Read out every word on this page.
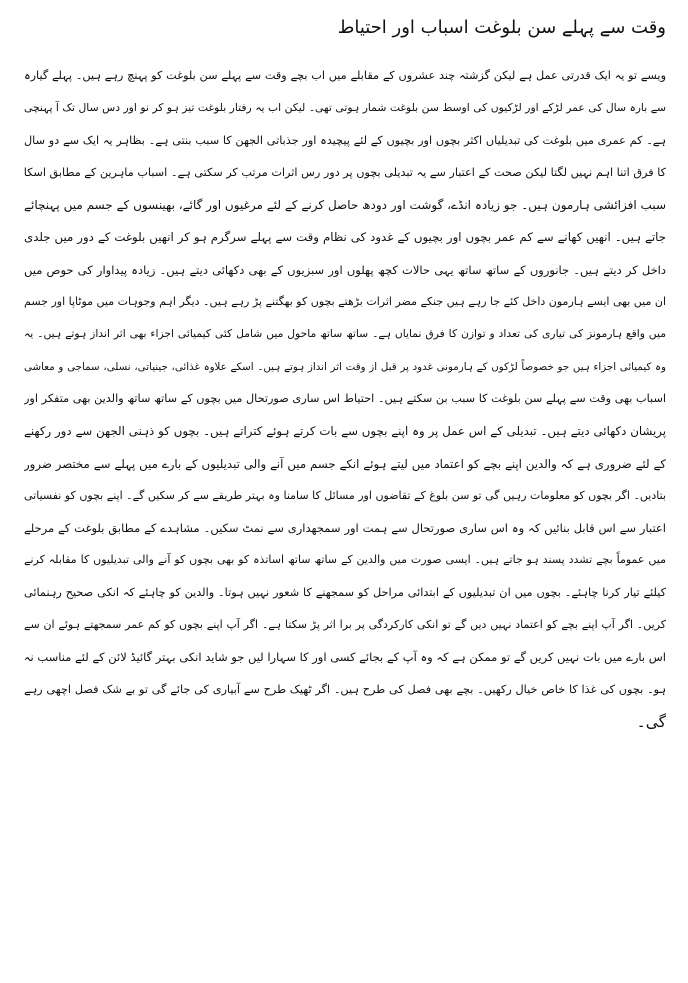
وقت سے پہلے سن بلوغت اسباب اور احتیاط
ویسے تو یہ ایک قدرتی عمل ہے لیکن گزشتہ چند عشروں کے مقابلے میں اب بچے وقت سے پہلے سن بلوغت کو پہنچ رہے ہیں۔ پہلے گیارہ
سے بارہ سال کی عمر لڑکے اور لڑکیوں کی اوسط سن بلوغت شمار ہوتی تھی۔ لیکن اب یہ رفتار بلوغت تیز ہو کر نو اور دس سال تک آ پہنچی
ہے۔ کم عمری میں بلوغت کی تبدیلیاں اکثر بچوں اور بچیوں کے لئے پیچیدہ اور جذباتی الجھن کا سبب بنتی ہے۔ بظاہر یہ ایک سے دو سال
کا فرق اتنا اہم نہیں لگتا لیکن صحت کے اعتبار سے یہ تبدیلی بچوں پر دور رس اثرات مرتب کر سکتی ہے۔ اسباب ماہرین کے مطابق اسکا
سبب افزائشی ہارمون ہیں۔ جو زیادہ انڈے، گوشت اور دودھ حاصل کرنے کے لئے مرغیوں اور گائے، بھینسوں کے جسم میں پہنچائے
جاتے ہیں۔ انھیں کھانے سے کم عمر بچوں اور بچیوں کے غدود کی نظام وقت سے پہلے سرگرم ہو کر انھیں بلوغت کے دور میں جلدی
داخل کر دیتے ہیں۔ جانوروں کے ساتھ ساتھ یہی حالات کچھ پھلوں اور سبزیوں کے بھی دکھائی دیتے ہیں۔ زیادہ پیداوار کی حوص میں
ان میں بھی ایسے ہارمون داخل کئے جا رہے ہیں جنکے مضر اثرات بڑھتے بچوں کو بھگتنے پڑ رہے ہیں۔ دیگر اہم وجوہات میں موٹاپا اور جسم
میں واقع ہارمونز کی تیاری کی تعداد و توازن کا فرق نمایاں ہے۔ ساتھ ساتھ ماحول میں شامل کئی کیمیائی اجزاء بھی اثر انداز ہوتے ہیں۔ یہ
وہ کیمیائی اجزاء ہیں جو خصوصاً لڑکوں کے ہارمونی غدود پر قبل از وقت اثر انداز ہوتے ہیں۔ اسکے علاوہ غذائی، جینیاتی، نسلی، سماجی و معاشی
اسباب بھی وقت سے پہلے سن بلوغت کا سبب بن سکتے ہیں۔ احتیاط اس ساری صورتحال میں بچوں کے ساتھ ساتھ والدین بھی متفکر اور
پریشان دکھائی دیتے ہیں۔ تبدیلی کے اس عمل پر وہ اپنے بچوں سے بات کرتے ہوئے کتراتے ہیں۔ بچوں کو ذہنی الجھن سے دور رکھنے
کے لئے ضروری ہے کہ والدین اپنے بچے کو اعتماد میں لیتے ہوئے انکے جسم میں آنے والی تبدیلیوں کے بارے میں پہلے سے مختصر ضرور
بتادیں۔ اگر بچوں کو معلومات رہیں گی تو سن بلوغ کے تقاضوں اور مسائل کا سامنا وہ بہتر طریقے سے کر سکیں گے۔ اپنے بچوں کو نفسیاتی
اعتبار سے اس قابل بنائیں کہ وہ اس ساری صورتحال سے ہمت اور سمجھداری سے نمٹ سکیں۔ مشاہدے کے مطابق بلوغت کے مرحلے
میں عموماً بچے تشدد پسند ہو جاتے ہیں۔ ایسی صورت میں والدین کے ساتھ ساتھ اساتذہ کو بھی بچوں کو آنے والی تبدیلیوں کا مقابلہ کرنے
کیلئے تیار کرنا چاہئے۔ بچوں میں ان تبدیلیوں کے ابتدائی مراحل کو سمجھنے کا شعور نہیں ہوتا۔ والدین کو چاہئے کہ انکی صحیح رہنمائی
کریں۔ اگر آپ اپنے بچے کو اعتماد نہیں دیں گے تو انکی کارکردگی پر برا اثر پڑ سکتا ہے۔ اگر آپ اپنے بچوں کو کم عمر سمجھتے ہوئے ان سے
اس بارے میں بات نہیں کریں گے تو ممکن ہے کہ وہ آپ کے بجائے کسی اور کا سہارا لیں جو شاید انکی بہتر گائیڈ لائن کے لئے مناسب نہ
ہو۔ بچوں کی غذا کا خاص خیال رکھیں۔ بچے بھی فصل کی طرح ہیں۔ اگر ٹھیک طرح سے آبیاری کی جائے گی تو بے شک فصل اچھی رہے
گی۔
